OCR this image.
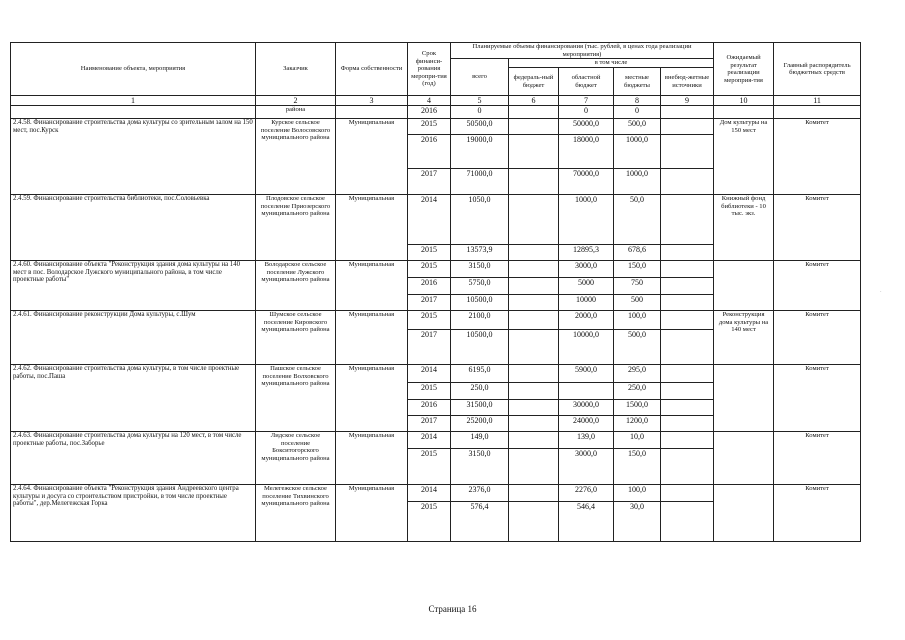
Наименование объекта, мероприятия	Заказчик	Форма собственности	Срок финанси-рования меропри-тия (год)	Планируемые объемы финансирования (тыс. рублей, в ценах года реализации мероприятия)					Ожидаемый результат реализации мероприя-тия	Главный распорядитель бюджетных средств
				всего	в том числе					
					федераль-ный бюджет	областной бюджет	местные бюджеты	внебюд-жетные источники		
1	2	3	4	5	6	7	8	9	10	11
	района		2016	0		0	0			
2.4.58. Финансирование строительства дома культуры со зрительным залом на 150 мест, пос.Курск	Курское сельское поселение Волосовского муниципального района	Муниципальная	2015	50500,0		50000,0	500,0		Дом культуры на 150 мест	Комитет
			2016	19000,0		18000,0	1000,0			
			2017	71000,0		70000,0	1000,0			
2.4.59. Финансирование строительства библиотеки, пос.Соловьевка	Плодовское сельское поселение Приозерского муниципального района	Муниципальная	2014	1050,0		1000,0	50,0		Книжный фонд библиотеки - 10 тыс. экз.	Комитет
			2015	13573,9		12895,3	678,6			
2.4.60. Финансирование объекта "Реконструкция здания дома культуры на 140 мест в пос. Володарское Лужского муниципального района, в том числе проектные работы"	Володарское сельское поселение Лужского муниципального района	Муниципальная	2015	3150,0		3000,0	150,0			Комитет
			2016	5750,0		5000	750			
			2017	10500,0		10000	500			
2.4.61. Финансирование реконструкции Дома культуры, с.Шум	Шумское сельское поселение Кировского муниципального района	Муниципальная	2015	2100,0		2000,0	100,0		Реконструкция дома культуры на 140 мест	Комитет
			2017	10500,0		10000,0	500,0			
2.4.62. Финансирование строительства дома культуры, в том числе проектные работы, пос.Паша	Пашское сельское поселение Волховского муниципального района	Муниципальная	2014	6195,0		5900,0	295,0			Комитет
			2015	250,0			250,0			
			2016	31500,0		30000,0	1500,0			
			2017	25200,0		24000,0	1200,0			
2.4.63. Финансирование строительства дома культуры на 120 мест, в том числе проектные работы, пос.Заборье	Лидское сельское поселение Бокситогорского муниципального района	Муниципальная	2014	149,0		139,0	10,0			Комитет
			2015	3150,0		3000,0	150,0			
2.4.64. Финансирование объекта "Реконструкция здания Андреевского центра культуры и досуга со строительством пристройки, в том числе проектные работы", дер.Мелегежская Горка	Мелегежское сельское поселение Тихвинского муниципального района	Муниципальная	2014	2376,0		2276,0	100,0			Комитет
			2015	576,4		546,4	30,0			
Страница 16
·
